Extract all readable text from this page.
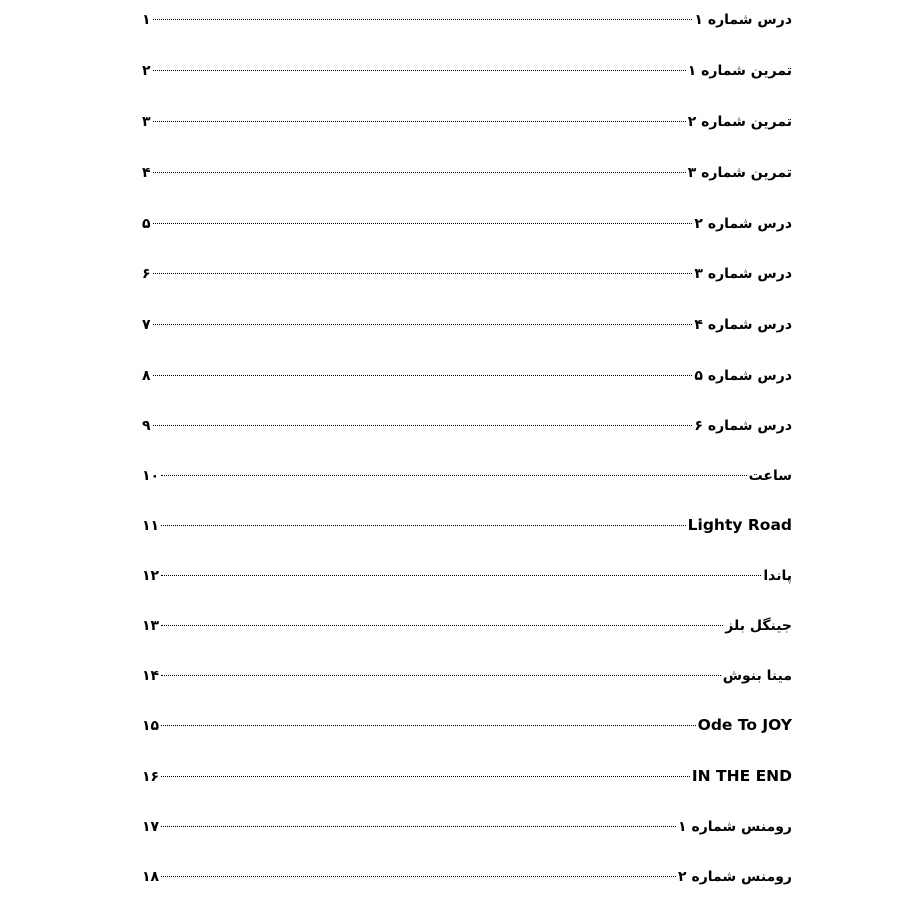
درس شماره ۱
۱
تمرین شماره ۱
۲
تمرین شماره ۲
۳
تمرین شماره ۳
۴
درس شماره ۲
۵
درس شماره ۳
۶
درس شماره ۴
۷
درس شماره ۵
۸
درس شماره ۶
۹
ساعت
۱۰
Lighty Road
۱۱
پاندا
۱۲
جینگل بلز
۱۳
مینا بنوش
۱۴
Ode To JOY
۱۵
IN THE END
۱۶
رومنس شماره ۱
۱۷
رومنس شماره ۲
۱۸
